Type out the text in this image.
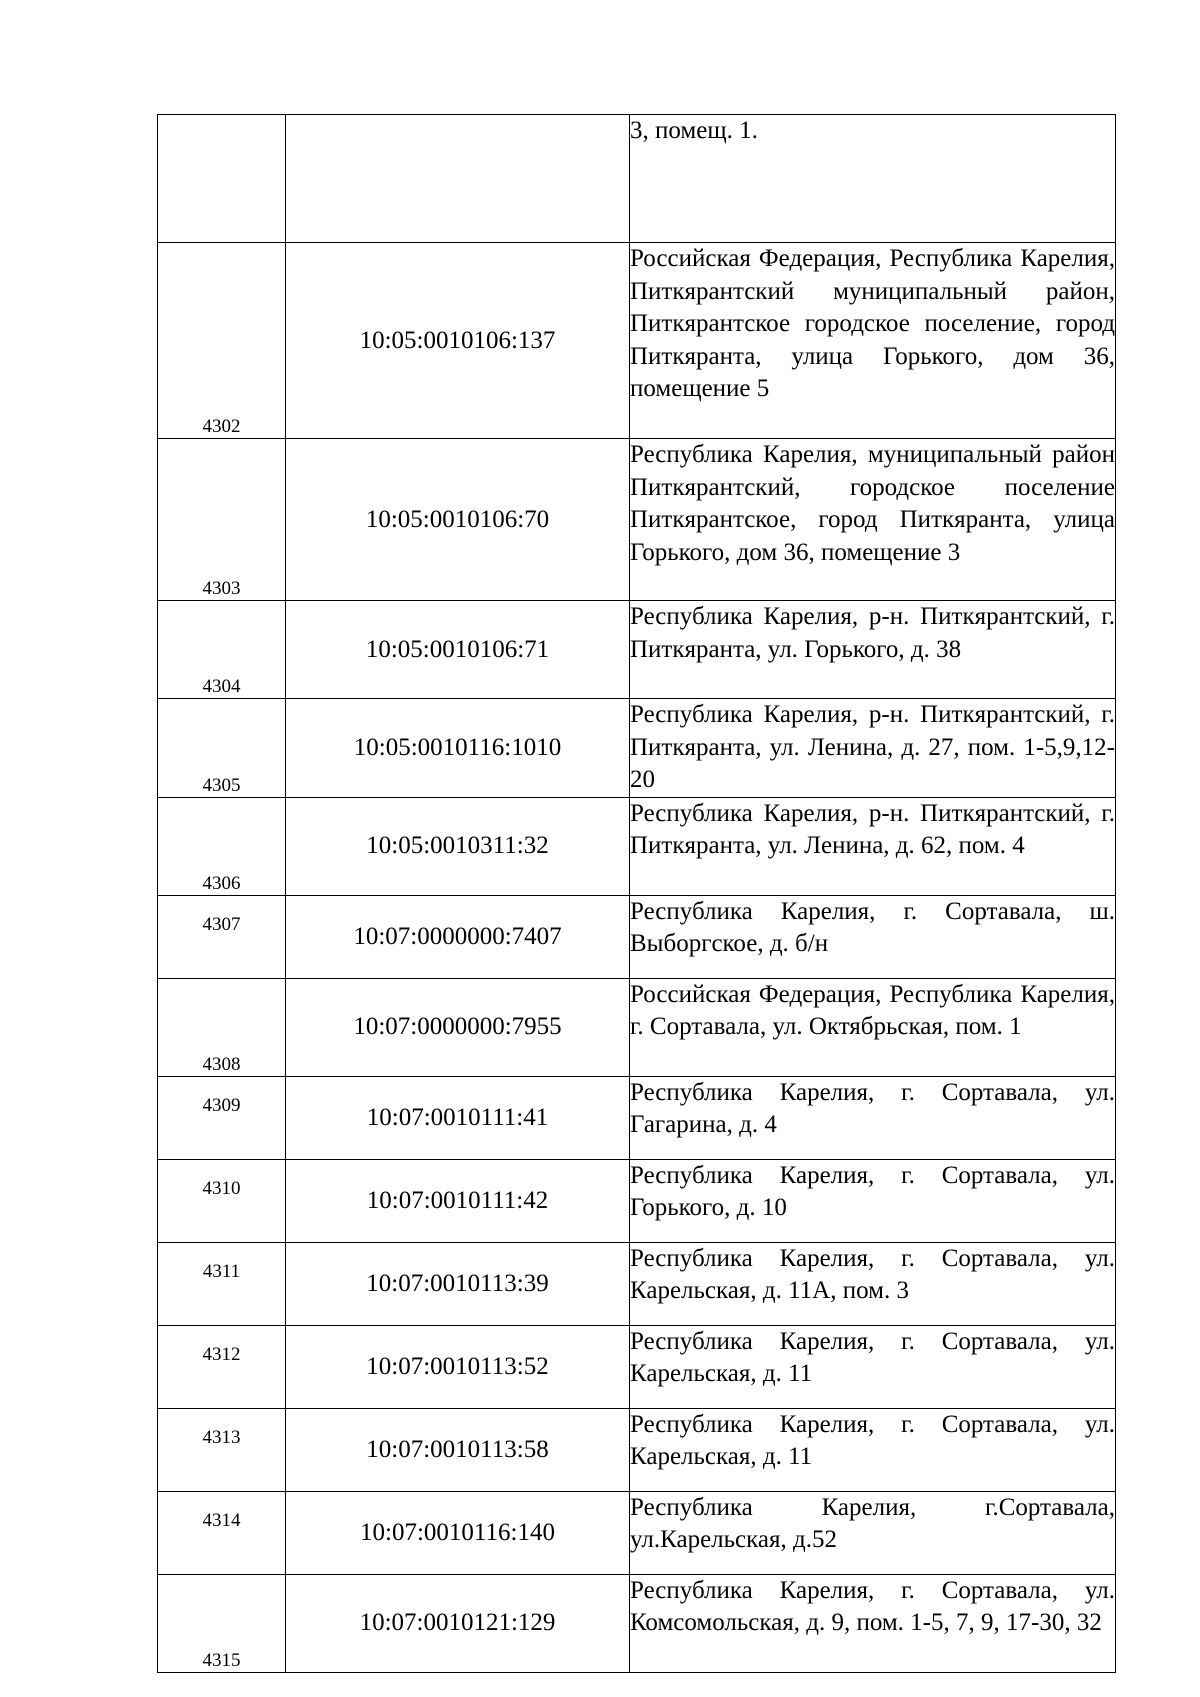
		3, помещ. 1.
4302	10:05:0010106:137	Российская Федерация, Республика Карелия, Питкярантский муниципальный район, Питкярантское городское поселение, город Питкяранта, улица Горького, дом 36, помещение 5
4303	10:05:0010106:70	Республика Карелия, муниципальный район Питкярантский, городское поселение Питкярантское, город Питкяранта, улица Горького, дом 36, помещение 3
4304	10:05:0010106:71	Республика Карелия, р-н. Питкярантский, г. Питкяранта, ул. Горького, д. 38
4305	10:05:0010116:1010	Республика Карелия, р-н. Питкярантский, г. Питкяранта, ул. Ленина, д. 27, пом. 1-5,9,12-20
4306	10:05:0010311:32	Республика Карелия, р-н. Питкярантский, г. Питкяранта, ул. Ленина, д. 62, пом. 4
4307	10:07:0000000:7407	Республика Карелия, г. Сортавала, ш. Выборгское, д. б/н
4308	10:07:0000000:7955	Российская Федерация, Республика Карелия, г. Сортавала, ул. Октябрьская, пом. 1
4309	10:07:0010111:41	Республика Карелия, г. Сортавала, ул. Гагарина, д. 4
4310	10:07:0010111:42	Республика Карелия, г. Сортавала, ул. Горького, д. 10
4311	10:07:0010113:39	Республика Карелия, г. Сортавала, ул. Карельская, д. 11А, пом. 3
4312	10:07:0010113:52	Республика Карелия, г. Сортавала, ул. Карельская, д. 11
4313	10:07:0010113:58	Республика Карелия, г. Сортавала, ул. Карельская, д. 11
4314	10:07:0010116:140	Республика Карелия, г.Сортавала, ул.Карельская, д.52
4315	10:07:0010121:129	Республика Карелия, г. Сортавала, ул. Комсомольская, д. 9, пом. 1-5, 7, 9, 17-30, 32
